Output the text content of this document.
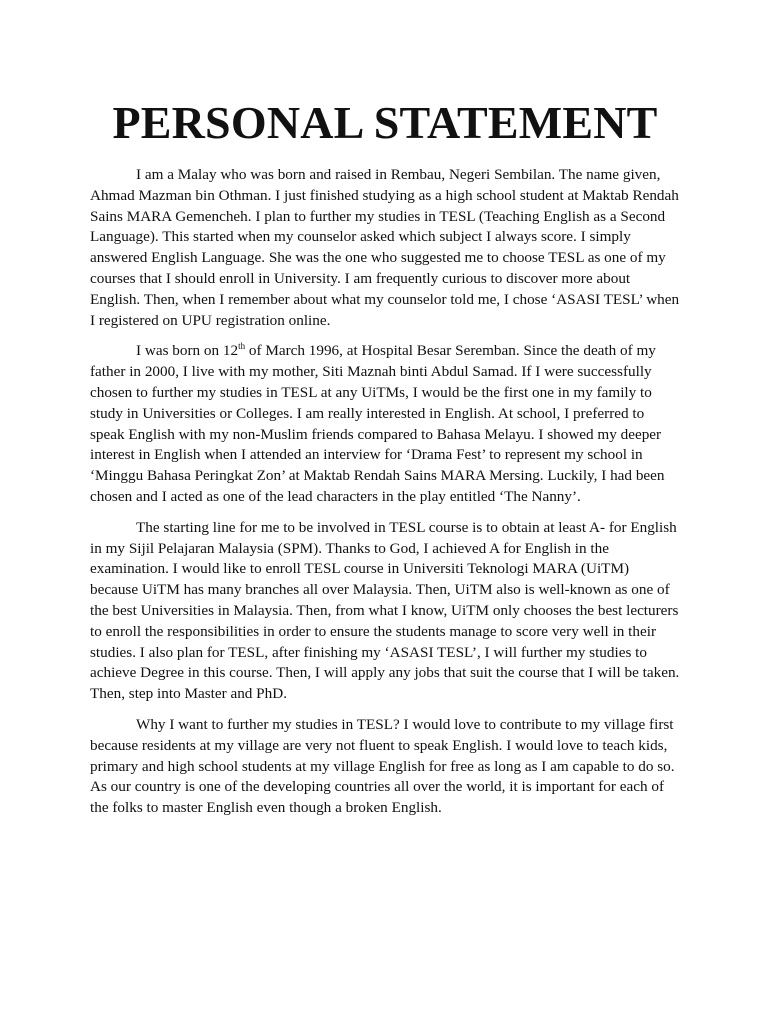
PERSONAL STATEMENT

I am a Malay who was born and raised in Rembau, Negeri Sembilan. The name given, Ahmad Mazman bin Othman. I just finished studying as a high school student at Maktab Rendah Sains MARA Gemencheh. I plan to further my studies in TESL (Teaching English as a Second Language). This started when my counselor asked which subject I always score. I simply answered English Language. She was the one who suggested me to choose TESL as one of my courses that I should enroll in University. I am frequently curious to discover more about English. Then, when I remember about what my counselor told me, I chose ‘ASASI TESL’ when I registered on UPU registration online.

I was born on 12th of March 1996, at Hospital Besar Seremban. Since the death of my father in 2000, I live with my mother, Siti Maznah binti Abdul Samad. If I were successfully chosen to further my studies in TESL at any UiTMs, I would be the first one in my family to study in Universities or Colleges. I am really interested in English. At school, I preferred to speak English with my non-Muslim friends compared to Bahasa Melayu. I showed my deeper interest in English when I attended an interview for ‘Drama Fest’ to represent my school in ‘Minggu Bahasa Peringkat Zon’ at Maktab Rendah Sains MARA Mersing. Luckily, I had been chosen and I acted as one of the lead characters in the play entitled ‘The Nanny’.

The starting line for me to be involved in TESL course is to obtain at least A- for English in my Sijil Pelajaran Malaysia (SPM). Thanks to God, I achieved A for English in the examination. I would like to enroll TESL course in Universiti Teknologi MARA (UiTM) because UiTM has many branches all over Malaysia. Then, UiTM also is well-known as one of the best Universities in Malaysia. Then, from what I know, UiTM only chooses the best lecturers to enroll the responsibilities in order to ensure the students manage to score very well in their studies. I also plan for TESL, after finishing my ‘ASASI TESL’, I will further my studies to achieve Degree in this course. Then, I will apply any jobs that suit the course that I will be taken. Then, step into Master and PhD.

Why I want to further my studies in TESL? I would love to contribute to my village first because residents at my village are very not fluent to speak English. I would love to teach kids, primary and high school students at my village English for free as long as I am capable to do so. As our country is one of the developing countries all over the world, it is important for each of the folks to master English even though a broken English.
